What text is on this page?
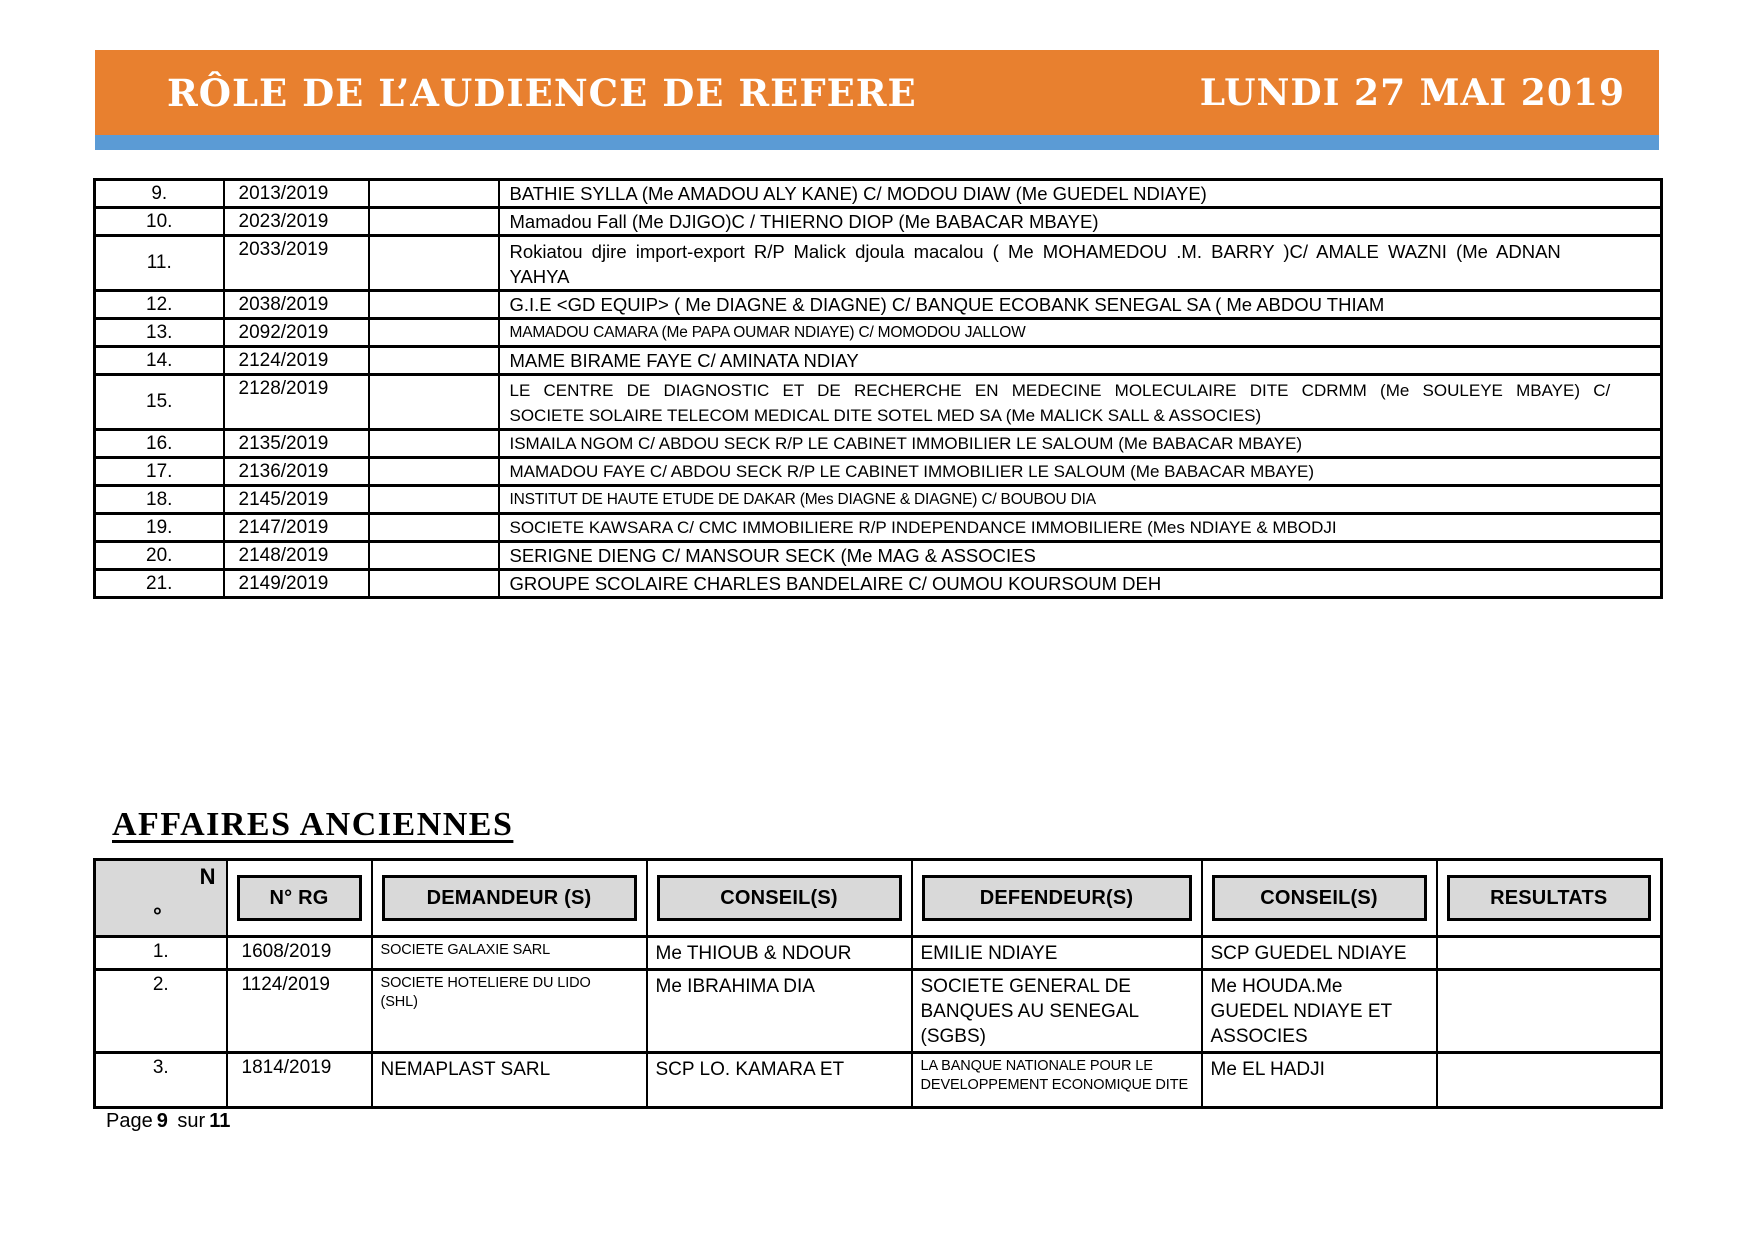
RÔLE DE L’AUDIENCE DE REFERE	LUNDI 27 MAI 2019
9.	2013/2019		BATHIE SYLLA (Me AMADOU ALY KANE) C/ MODOU DIAW (Me GUEDEL NDIAYE)
10.	2023/2019		Mamadou Fall (Me DJIGO)C / THIERNO DIOP (Me BABACAR MBAYE)
11.	2033/2019		Rokiatou djire import-export R/P Malick djoula macalou ( Me MOHAMEDOU .M. BARRY )C/ AMALE WAZNI (Me ADNAN
YAHYA

12.	2038/2019		G.I.E <GD EQUIP> ( Me DIAGNE & DIAGNE) C/ BANQUE ECOBANK SENEGAL SA ( Me ABDOU THIAM
13.	2092/2019		MAMADOU CAMARA (Me PAPA OUMAR NDIAYE) C/ MOMODOU JALLOW
14.	2124/2019		MAME BIRAME FAYE C/ AMINATA NDIAY
15.	2128/2019		LE CENTRE DE DIAGNOSTIC ET DE RECHERCHE EN MEDECINE MOLECULAIRE DITE CDRMM (Me SOULEYE MBAYE) C/
SOCIETE SOLAIRE TELECOM MEDICAL DITE SOTEL MED SA (Me MALICK SALL & ASSOCIES)

16.	2135/2019		ISMAILA NGOM C/ ABDOU SECK R/P LE CABINET IMMOBILIER LE SALOUM (Me BABACAR MBAYE)
17.	2136/2019		MAMADOU FAYE C/ ABDOU SECK R/P LE CABINET IMMOBILIER LE SALOUM (Me BABACAR MBAYE)
18.	2145/2019		INSTITUT DE HAUTE ETUDE DE DAKAR (Mes DIAGNE & DIAGNE) C/ BOUBOU DIA
19.	2147/2019		SOCIETE KAWSARA C/ CMC IMMOBILIERE R/P INDEPENDANCE IMMOBILIERE (Mes NDIAYE & MBODJI
20.	2148/2019		SERIGNE DIENG C/ MANSOUR SECK (Me MAG & ASSOCIES
21.	2149/2019		GROUPE SCOLAIRE CHARLES BANDELAIRE C/ OUMOU KOURSOUM DEH
AFFAIRES ANCIENNES
N
°	N° RG	DEMANDEUR (S)	CONSEIL(S)	DEFENDEUR(S)	CONSEIL(S)	RESULTATS

1.	1608/2019	SOCIETE GALAXIE SARL	Me THIOUB & NDOUR	EMILIE NDIAYE	SCP GUEDEL NDIAYE	
2.	1124/2019	SOCIETE HOTELIERE DU LIDO
(SHL)	Me IBRAHIMA DIA	SOCIETE GENERAL DE
BANQUES AU SENEGAL
(SGBS)	Me HOUDA.Me
GUEDEL NDIAYE ET
ASSOCIES	

3.	1814/2019	NEMAPLAST SARL	SCP LO. KAMARA ET	LA BANQUE NATIONALE POUR LE
DEVELOPPEMENT ECONOMIQUE DITE	Me EL HADJI	
Page 9 sur 11
